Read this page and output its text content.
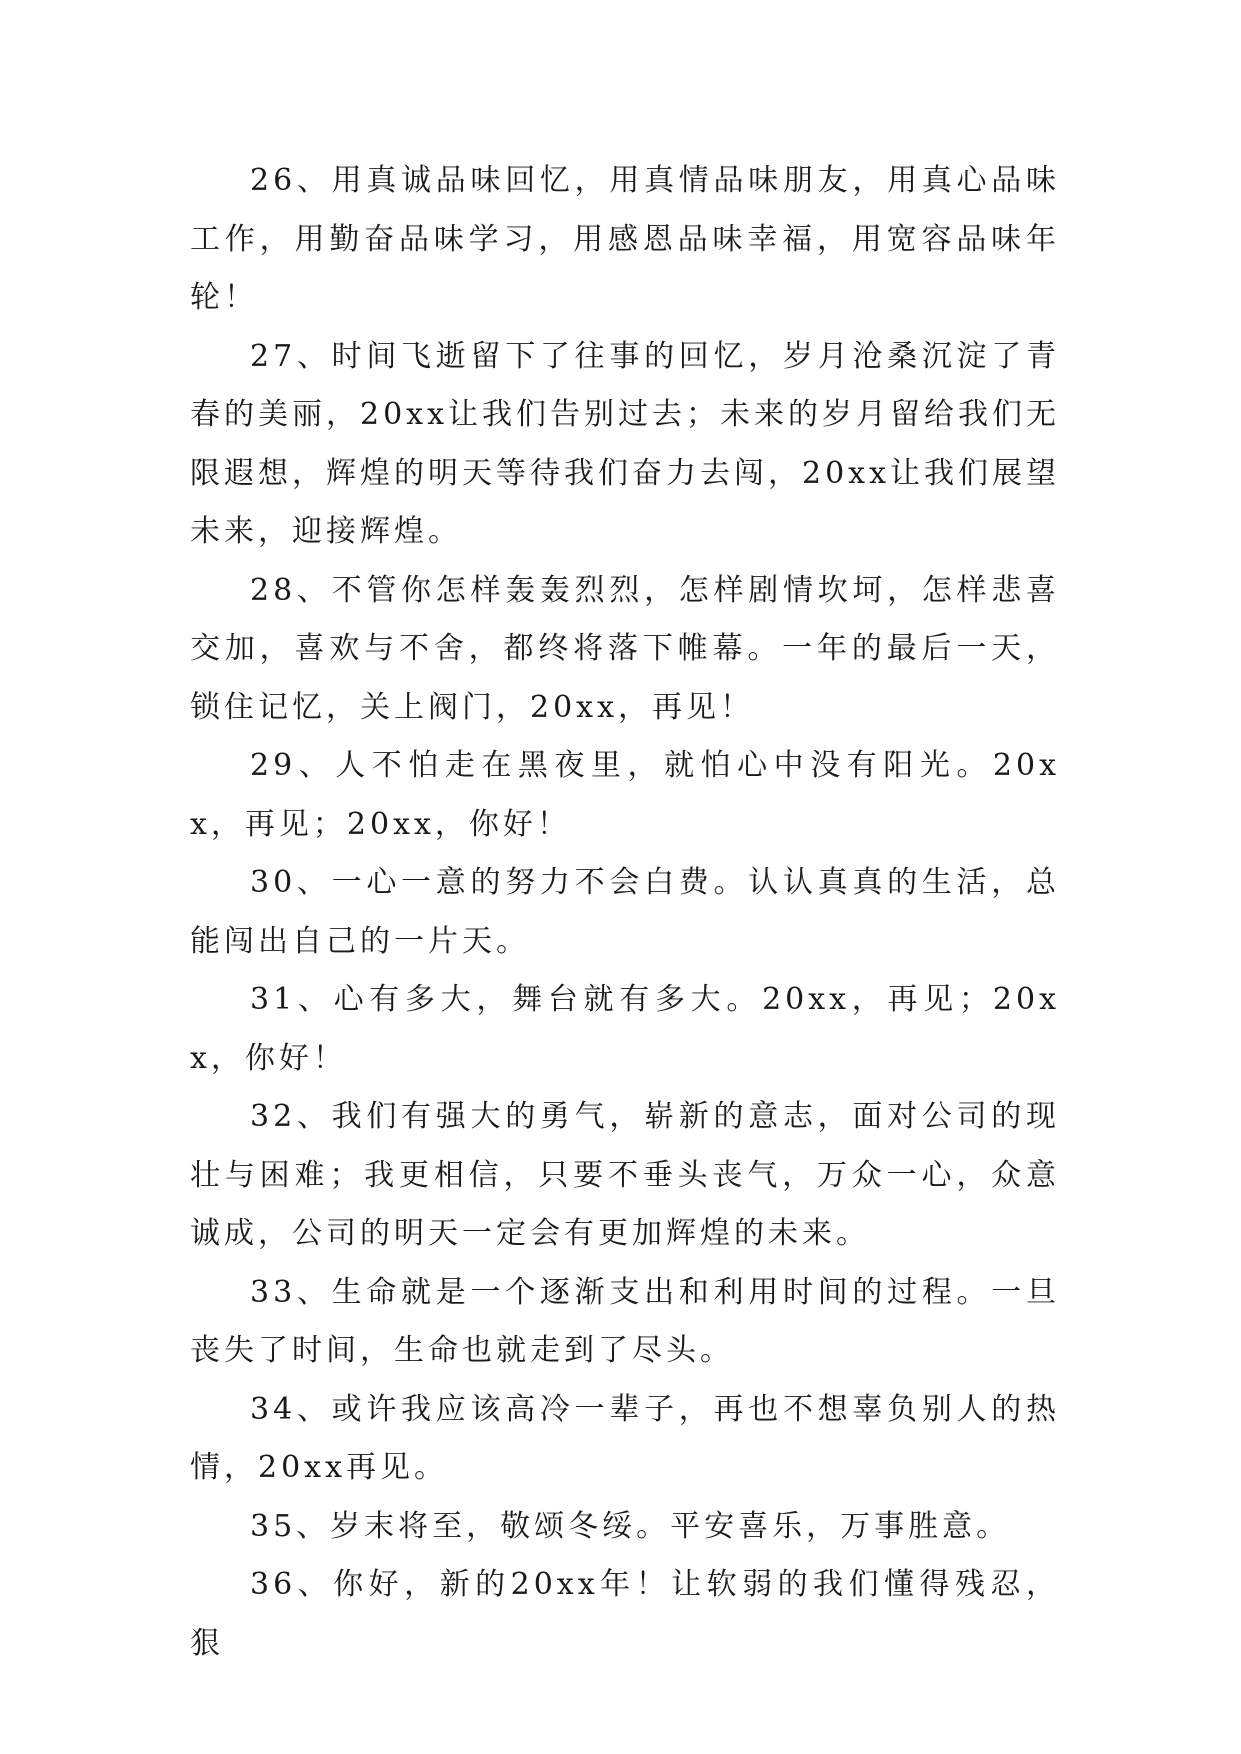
26、用真诚品味回忆，用真情品味朋友，用真心品味工作，用勤奋品味学习，用感恩品味幸福，用宽容品味年轮！

27、时间飞逝留下了往事的回忆，岁月沧桑沉淀了青春的美丽，20xx让我们告别过去；未来的岁月留给我们无限遐想，辉煌的明天等待我们奋力去闯，20xx让我们展望未来，迎接辉煌。

28、不管你怎样轰轰烈烈，怎样剧情坎坷，怎样悲喜交加，喜欢与不舍，都终将落下帷幕。一年的最后一天，锁住记忆，关上阀门，20xx，再见！

29、人不怕走在黑夜里，就怕心中没有阳光。20xx，再见；20xx，你好！

30、一心一意的努力不会白费。认认真真的生活，总能闯出自己的一片天。

31、心有多大，舞台就有多大。20xx，再见；20xx，你好！

32、我们有强大的勇气，崭新的意志，面对公司的现壮与困难；我更相信，只要不垂头丧气，万众一心，众意诚成，公司的明天一定会有更加辉煌的未来。

33、生命就是一个逐渐支出和利用时间的过程。一旦丧失了时间，生命也就走到了尽头。

34、或许我应该高冷一辈子，再也不想辜负别人的热情，20xx再见。

35、岁末将至，敬颂冬绥。平安喜乐，万事胜意。

36、你好，新的20xx年！让软弱的我们懂得残忍，狠
